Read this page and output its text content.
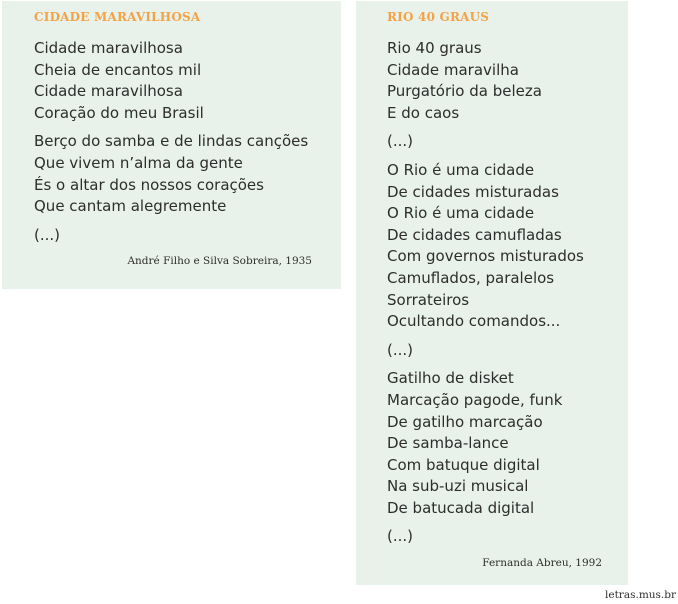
CIDADE MARAVILHOSA
Cidade maravilhosa
Cheia de encantos mil
Cidade maravilhosa
Coração do meu Brasil
Berço do samba e de lindas canções
Que vivem n’alma da gente
És o altar dos nossos corações
Que cantam alegremente
(...)
André Filho e Silva Sobreira, 1935
RIO 40 GRAUS
Rio 40 graus
Cidade maravilha
Purgatório da beleza
E do caos
(...)
O Rio é uma cidade
De cidades misturadas
O Rio é uma cidade
De cidades camufladas
Com governos misturados
Camuflados, paralelos
Sorrateiros
Ocultando comandos...
(...)
Gatilho de disket
Marcação pagode, funk
De gatilho marcação
De samba-lance
Com batuque digital
Na sub-uzi musical
De batucada digital
(...)
Fernanda Abreu, 1992
letras.mus.br
